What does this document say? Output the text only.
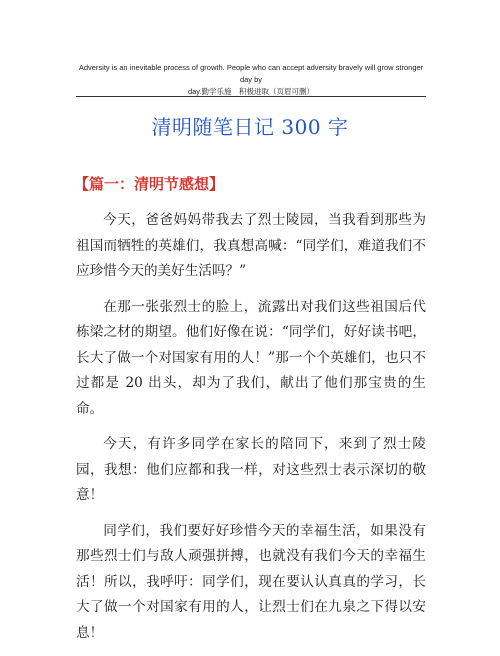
Adversity is an inevitable process of growth. People who can accept adversity bravely will grow stronger day by
day.勤学乐施　积极进取（页眉可删）
清明随笔日记 300 字
【篇一：清明节感想】

今天，爸爸妈妈带我去了烈士陵园，当我看到那些为祖国而牺牲的英雄们，我真想高喊：“同学们，难道我们不应珍惜今天的美好生活吗？”

在那一张张烈士的脸上，流露出对我们这些祖国后代栋梁之材的期望。他们好像在说：“同学们，好好读书吧，长大了做一个对国家有用的人！”那一个个英雄们，也只不过都是 20 出头，却为了我们，献出了他们那宝贵的生命。

今天，有许多同学在家长的陪同下，来到了烈士陵园，我想：他们应都和我一样，对这些烈士表示深切的敬意！

同学们，我们要好好珍惜今天的幸福生活，如果没有那些烈士们与敌人顽强拼搏，也就没有我们今天的幸福生活！所以，我呼吁：同学们，现在要认认真真的学习，长大了做一个对国家有用的人，让烈士们在九泉之下得以安息！
